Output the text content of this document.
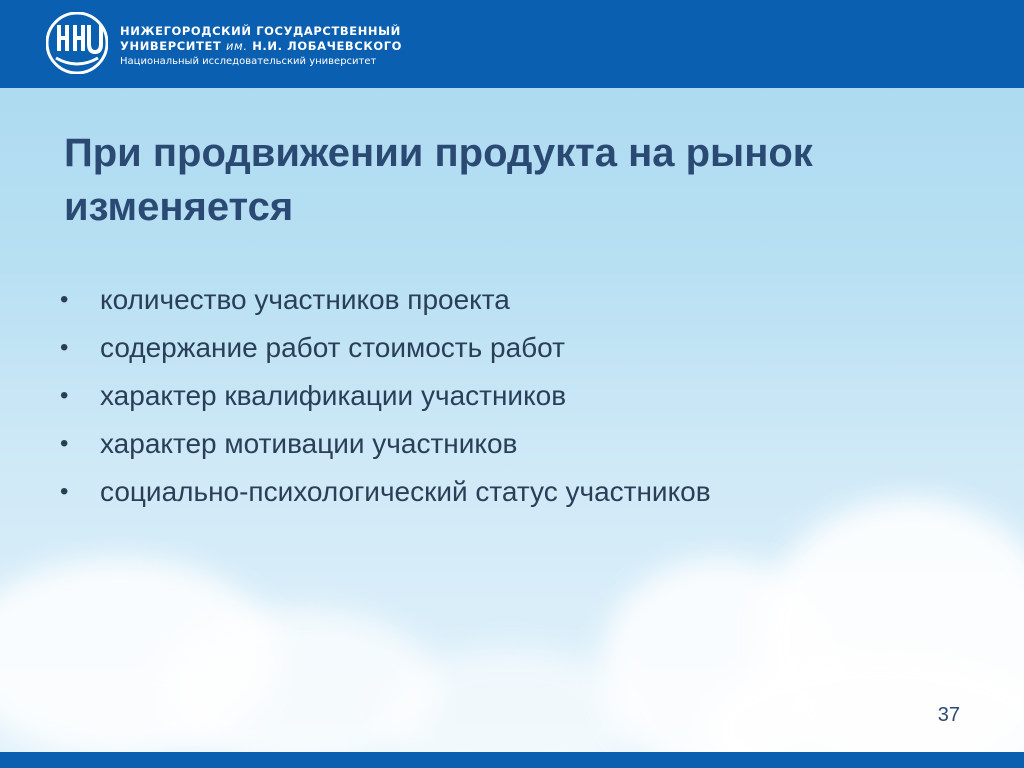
НИЖЕГОРОДСКИЙ ГОСУДАРСТВЕННЫЙ
УНИВЕРСИТЕТ им. Н.И. ЛОБАЧЕВСКОГО
Национальный исследовательский университет
При продвижении продукта на рынок
изменяется
• количество участников проекта
• содержание работ стоимость работ
• характер квалификации участников
• характер мотивации участников
• социально-психологический статус участников
37
